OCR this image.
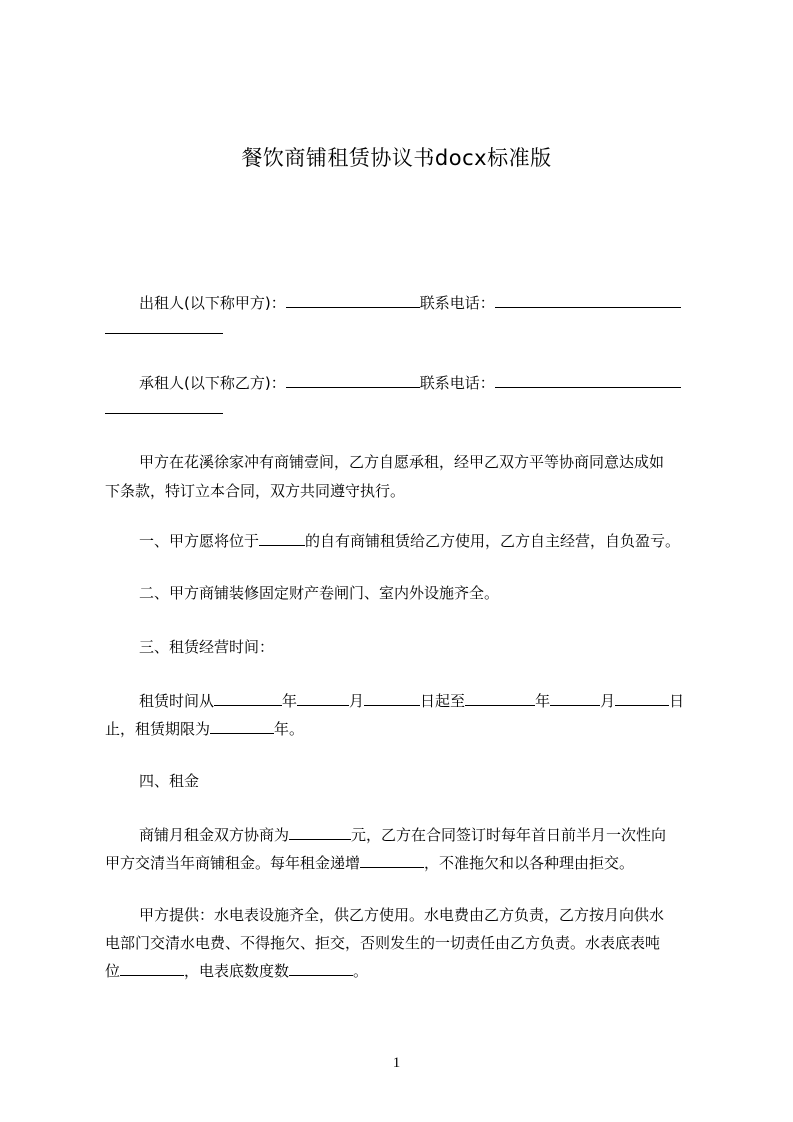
餐饮商铺租赁协议书docx标准版
出租人(以下称甲方)：	联系电话：
承租人(以下称乙方)：	联系电话：
甲方在花溪徐家冲有商铺壹间，乙方自愿承租，经甲乙双方平等协商同意达成如
下条款，特订立本合同，双方共同遵守执行。
一、甲方愿将位于	的自有商铺租赁给乙方使用，乙方自主经营，自负盈亏。
二、甲方商铺装修固定财产卷闸门、室内外设施齐全。
三、租赁经营时间：
租赁时间从	年	月	日起至	年	月	日
止，租赁期限为	年。
四、租金
商铺月租金双方协商为	元，乙方在合同签订时每年首日前半月一次性向
甲方交清当年商铺租金。每年租金递增	，不准拖欠和以各种理由拒交。
甲方提供：水电表设施齐全，供乙方使用。水电费由乙方负责，乙方按月向供水
电部门交清水电费、不得拖欠、拒交，否则发生的一切责任由乙方负责。水表底表吨
位	，电表底数度数	。
1
